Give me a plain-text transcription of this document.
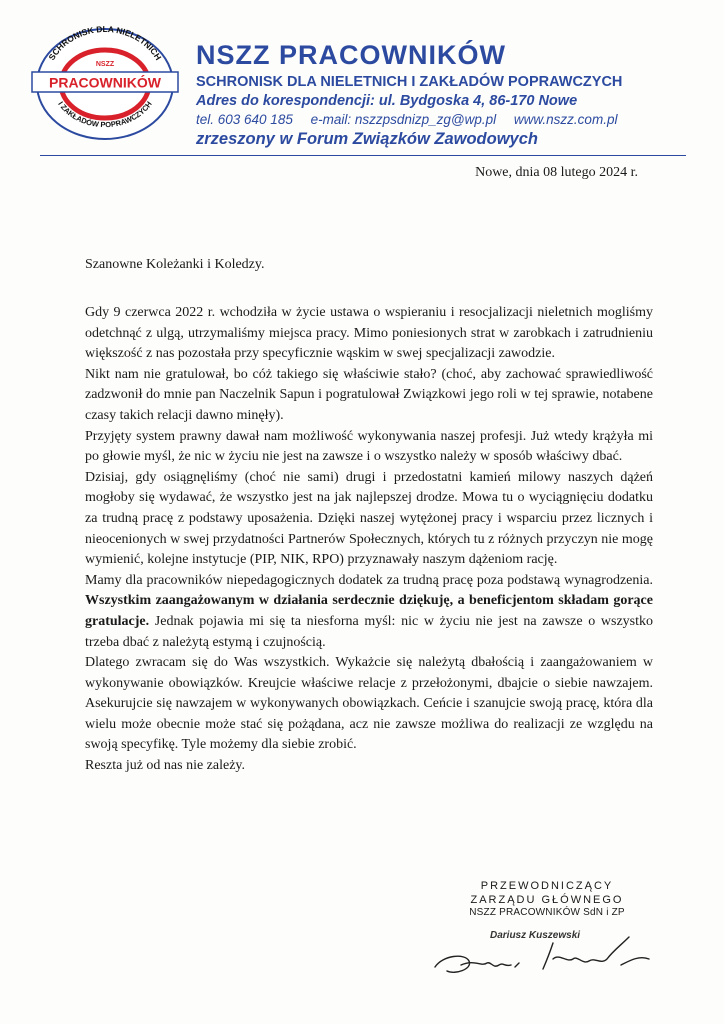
SCHRONISK DLA NIELETNICH
NSZZ
PRACOWNIKÓW
I ZAKŁADÓW POPRAWCZYCH
NSZZ PRACOWNIKÓW
SCHRONISK DLA NIELETNICH I ZAKŁADÓW POPRAWCZYCH
Adres do korespondencji: ul. Bydgoska 4, 86-170 Nowe
tel. 603 640 185 e-mail: nszzpsdnizp_zg@wp.pl www.nszz.com.pl
zrzeszony w Forum Związków Zawodowych
Nowe, dnia 08 lutego 2024 r.
Szanowne Koleżanki i Koledzy.

Gdy 9 czerwca 2022 r. wchodziła w życie ustawa o wspieraniu i resocjalizacji nieletnich mogliśmy odetchnąć z ulgą, utrzymaliśmy miejsca pracy. Mimo poniesionych strat w zarobkach i zatrudnieniu większość z nas pozostała przy specyficznie wąskim w swej specjalizacji zawodzie.

Nikt nam nie gratulował, bo cóż takiego się właściwie stało? (choć, aby zachować sprawiedliwość zadzwonił do mnie pan Naczelnik Sapun i pogratulował Związkowi jego roli w tej sprawie, notabene czasy takich relacji dawno minęły).

Przyjęty system prawny dawał nam możliwość wykonywania naszej profesji. Już wtedy krążyła mi po głowie myśl, że nic w życiu nie jest na zawsze i o wszystko należy w sposób właściwy dbać.

Dzisiaj, gdy osiągnęliśmy (choć nie sami) drugi i przedostatni kamień milowy naszych dążeń mogłoby się wydawać, że wszystko jest na jak najlepszej drodze. Mowa tu o wyciągnięciu dodatku za trudną pracę z podstawy uposażenia. Dzięki naszej wytężonej pracy i wsparciu przez licznych i nieocenionych w swej przydatności Partnerów Społecznych, których tu z różnych przyczyn nie mogę wymienić, kolejne instytucje (PIP, NIK, RPO) przyznawały naszym dążeniom rację.

Mamy dla pracowników niepedagogicznych dodatek za trudną pracę poza podstawą wynagrodzenia. Wszystkim zaangażowanym w działania serdecznie dziękuję, a beneficjentom składam gorące gratulacje. Jednak pojawia mi się ta niesforna myśl: nic w życiu nie jest na zawsze o wszystko trzeba dbać z należytą estymą i czujnością.

Dlatego zwracam się do Was wszystkich. Wykażcie się należytą dbałością i zaangażowaniem w wykonywanie obowiązków. Kreujcie właściwe relacje z przełożonymi, dbajcie o siebie nawzajem. Asekurujcie się nawzajem w wykonywanych obowiązkach. Ceńcie i szanujcie swoją pracę, która dla wielu może obecnie może stać się pożądana, acz nie zawsze możliwa do realizacji ze względu na swoją specyfikę. Tyle możemy dla siebie zrobić.

Reszta już od nas nie zależy.

PRZEWODNICZĄCY
ZARZĄDU GŁÓWNEGO
NSZZ PRACOWNIKÓW SdN i ZP
Dariusz Kuszewski
